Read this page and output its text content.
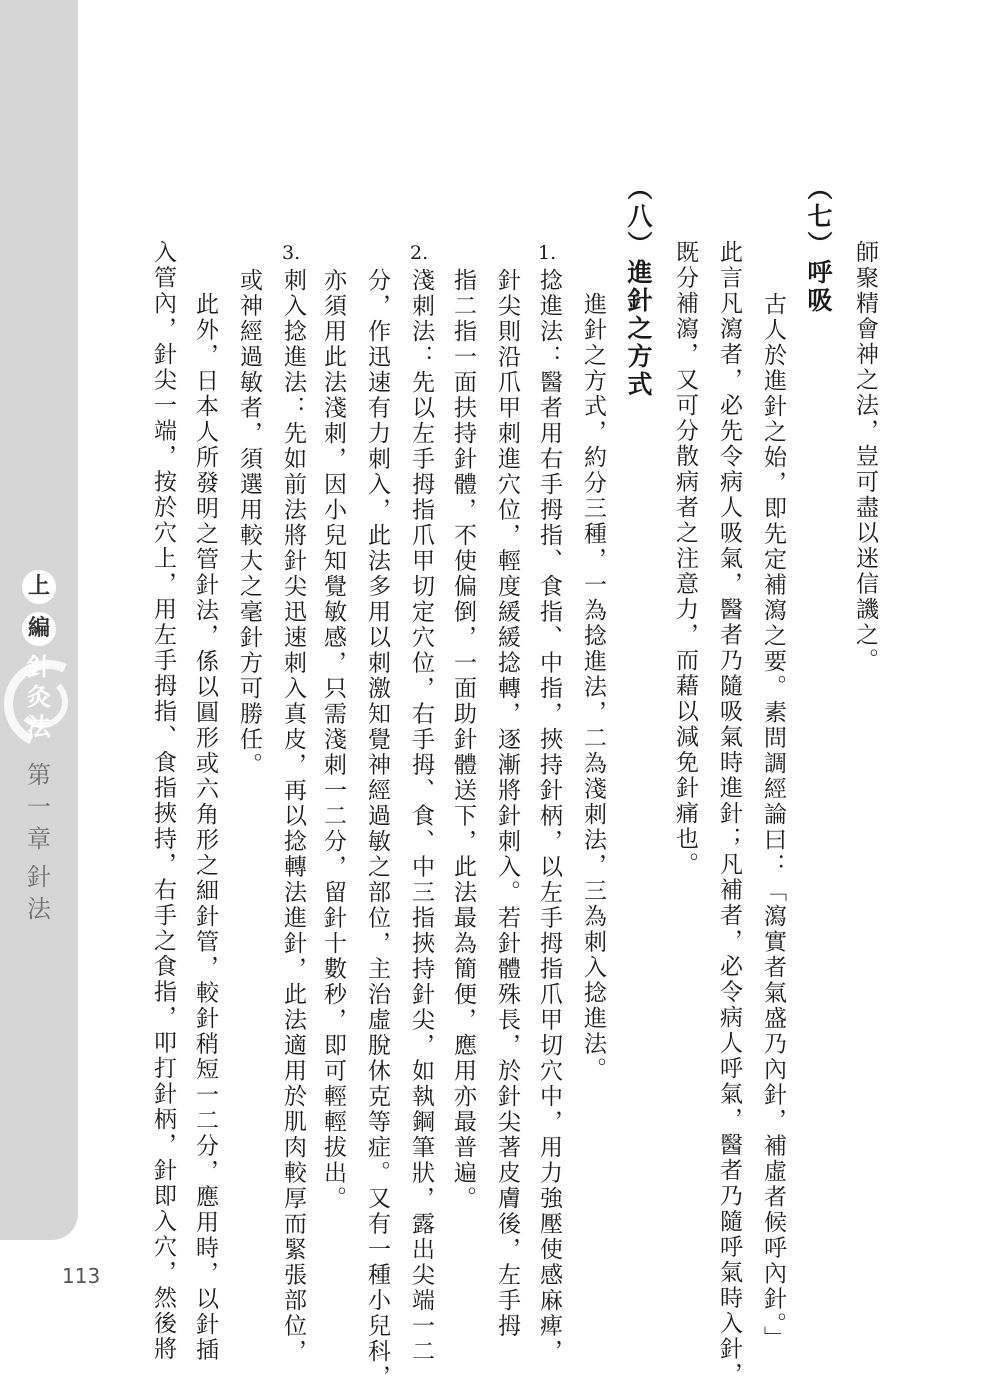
上
編
針
灸
法
第
一
章
針
法
113
師聚精會神之法，豈可盡以迷信譏之。
（七）呼吸
古人於進針之始，即先定補瀉之要。素問調經論曰：「瀉實者氣盛乃內針，補虛者候呼內針。」
此言凡瀉者，必先令病人吸氣，醫者乃隨吸氣時進針；凡補者，必令病人呼氣，醫者乃隨呼氣時入針，
既分補瀉，又可分散病者之注意力，而藉以減免針痛也。
（八）進針之方式
進針之方式，約分三種，一為捻進法，二為淺刺法，三為刺入捻進法。
1.
捻進法：醫者用右手拇指、食指、中指，挾持針柄，以左手拇指爪甲切穴中，用力強壓使感麻痺，
針尖則沿爪甲刺進穴位，輕度緩緩捻轉，逐漸將針刺入。若針體殊長，於針尖著皮膚後，左手拇
指二指一面扶持針體，不使偏倒，一面助針體送下，此法最為簡便，應用亦最普遍。
2.
淺刺法：先以左手拇指爪甲切定穴位，右手拇、食、中三指挾持針尖，如執鋼筆狀，露出尖端一二
分，作迅速有力刺入，此法多用以刺激知覺神經過敏之部位，主治虛脫休克等症。又有一種小兒科，
亦須用此法淺刺，因小兒知覺敏感，只需淺刺一二分，留針十數秒，即可輕輕拔出。
3.
刺入捻進法：先如前法將針尖迅速刺入真皮，再以捻轉法進針，此法適用於肌肉較厚而緊張部位，
或神經過敏者，須選用較大之毫針方可勝任。
此外，日本人所發明之管針法，係以圓形或六角形之細針管，較針稍短一二分，應用時，以針插
入管內，針尖一端，按於穴上，用左手拇指、食指挾持，右手之食指，叩打針柄，針即入穴，然後將
